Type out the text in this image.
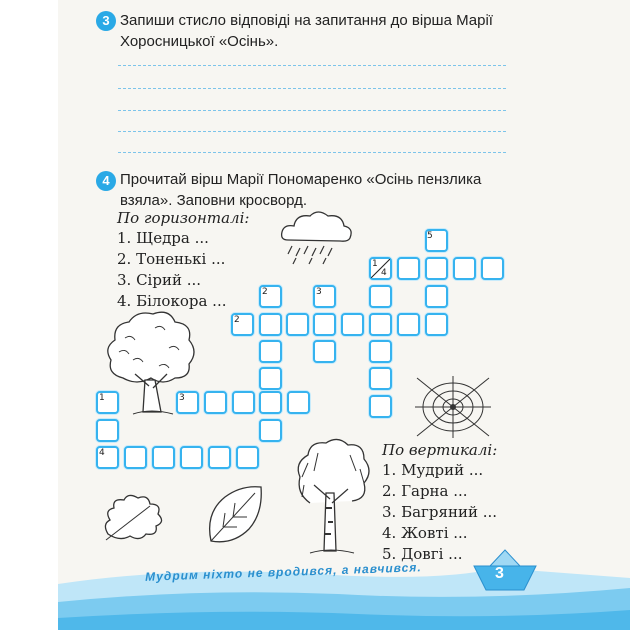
3 Запиши стисло відповіді на запитання до вірша Марії Хоросницької «Осінь».
4 Прочитай вірш Марії Пономаренко «Осінь пензлика взяла». Заповни кросворд.
По горизонталі:
1. Щедра ...
2. Тоненькі ...
3. Сірий ...
4. Білокора ...
По вертикалі:
1. Мудрий ...
2. Гарна ...
3. Багряний ...
4. Жовті ...
5. Довгі ...
5
1
4
2	3
2
3
1
4
3
Мудрим ніхто не вродився, а навчився.
